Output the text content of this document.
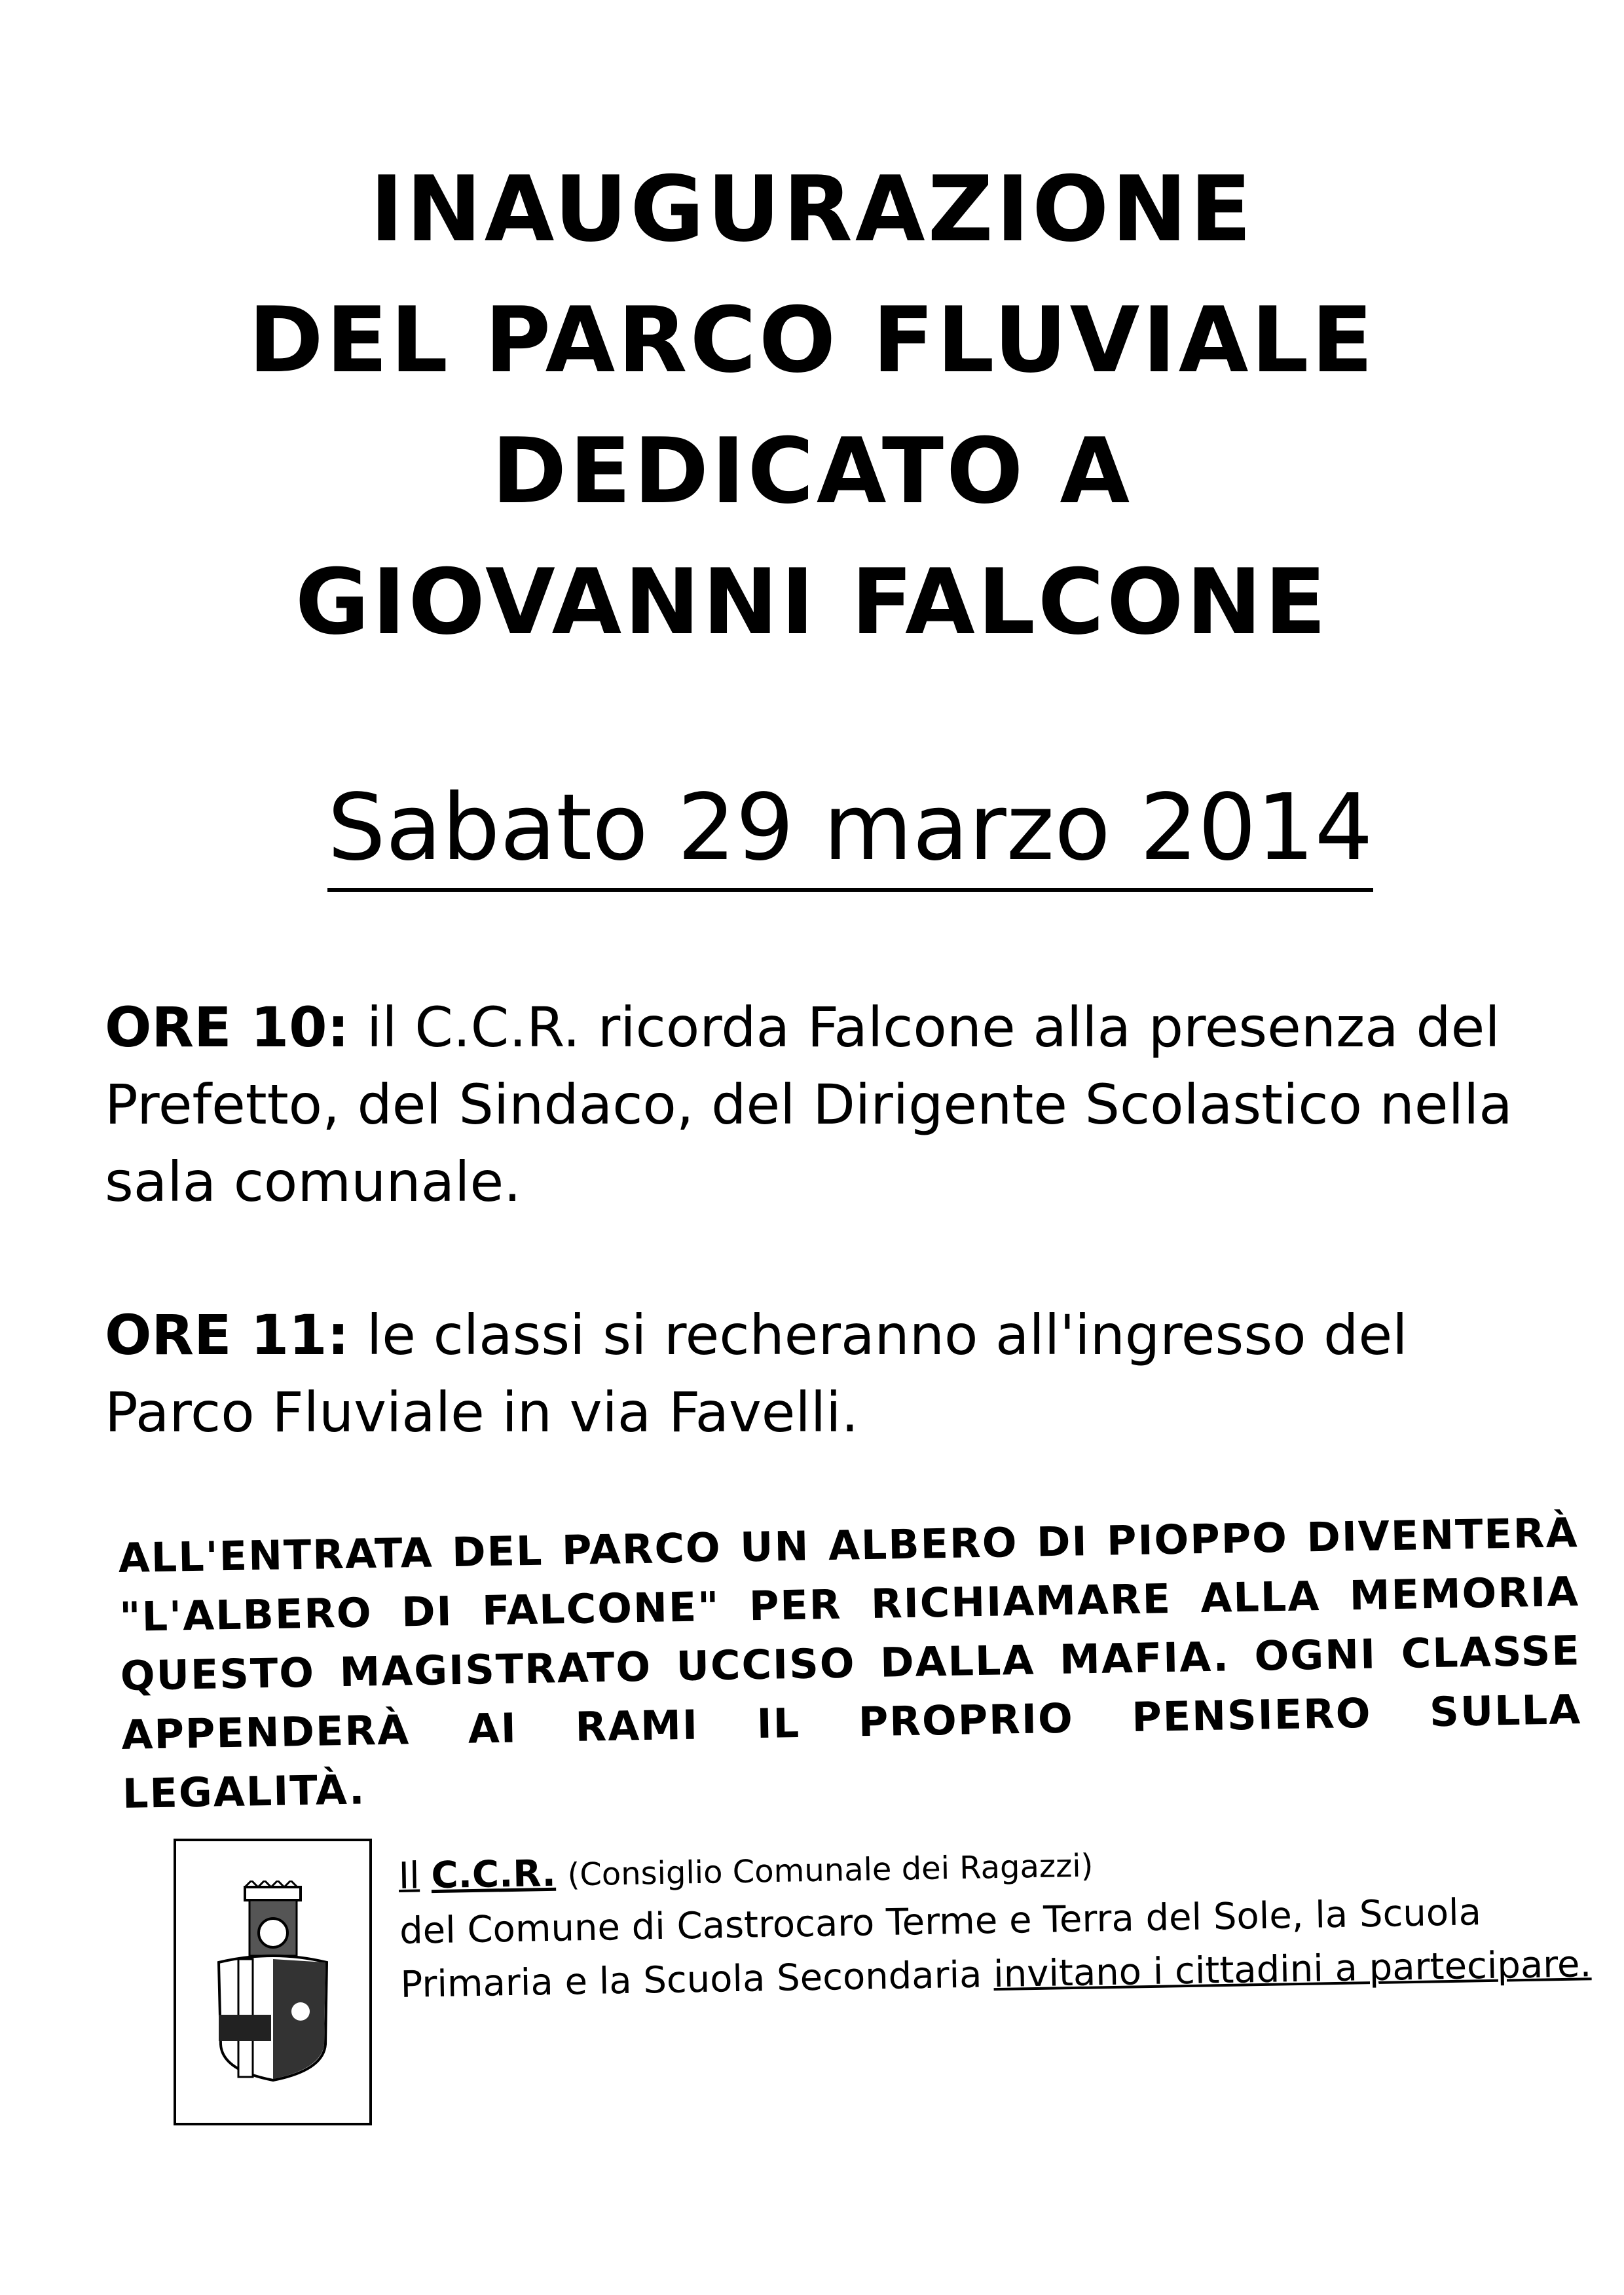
INAUGURAZIONE
DEL PARCO FLUVIALE
DEDICATO A
GIOVANNI FALCONE
Sabato 29 marzo 2014
ORE 10: il C.C.R. ricorda Falcone alla presenza del Prefetto, del Sindaco, del Dirigente Scolastico nella sala comunale.
ORE 11: le classi si recheranno all'ingresso del Parco Fluviale in via Favelli.
ALL'ENTRATA DEL PARCO UN ALBERO DI PIOPPO DIVENTERÀ "L'ALBERO DI FALCONE" PER RICHIAMARE ALLA MEMORIA QUESTO MAGISTRATO UCCISO DALLA MAFIA. OGNI CLASSE APPENDERÀ AI RAMI IL PROPRIO PENSIERO SULLA LEGALITÀ.
Il C.C.R. (Consiglio Comunale dei Ragazzi)
del Comune di Castrocaro Terme e Terra del Sole, la Scuola Primaria e la Scuola Secondaria invitano i cittadini a partecipare.
